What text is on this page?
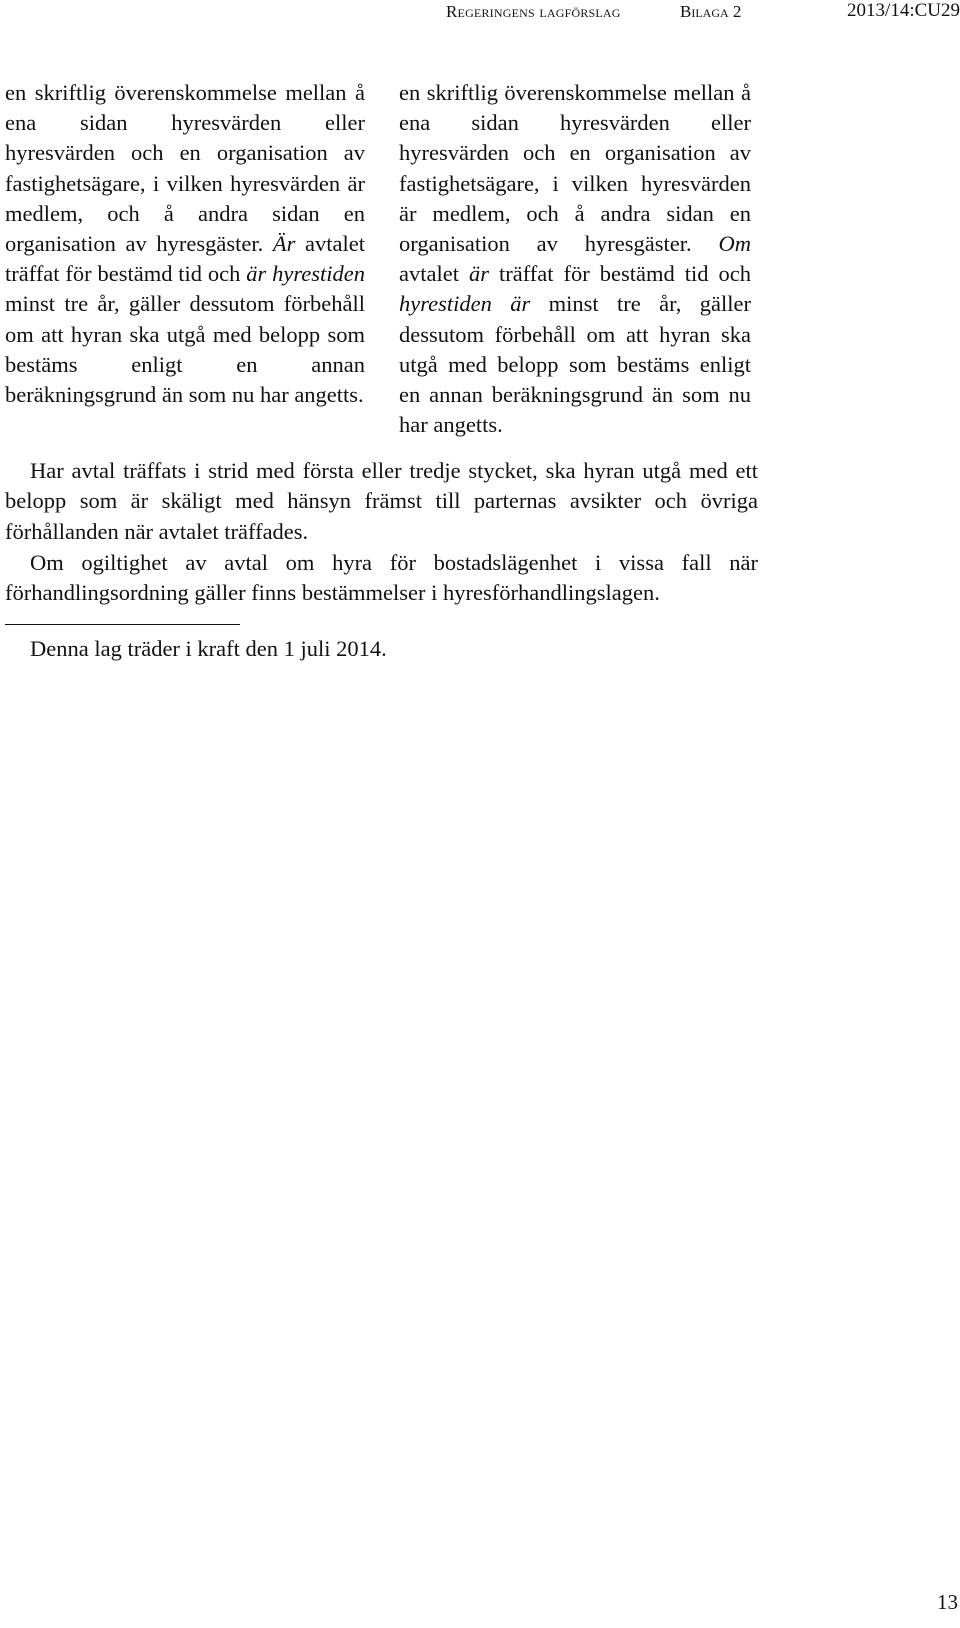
Regeringens lagförslag	Bilaga 2	2013/14:CU29

en skriftlig överenskommelse mellan å ena sidan hyresvärden eller hyresvärden och en organisation av fastighetsägare, i vilken hyresvärden är medlem, och å andra sidan en organisation av hyresgäster. Är avtalet träffat för bestämd tid och är hyrestiden minst tre år, gäller dessutom förbehåll om att hyran ska utgå med belopp som bestäms enligt en annan beräkningsgrund än som nu har angetts.

en skriftlig överenskommelse mellan å ena sidan hyresvärden eller hyresvärden och en organisation av fastighetsägare, i vilken hyresvärden är medlem, och å andra sidan en organisation av hyresgäster. Om avtalet är träffat för bestämd tid och hyrestiden är minst tre år, gäller dessutom förbehåll om att hyran ska utgå med belopp som bestäms enligt en annan beräkningsgrund än som nu har angetts.

Har avtal träffats i strid med första eller tredje stycket, ska hyran utgå med ett belopp som är skäligt med hänsyn främst till parternas avsikter och övriga förhållanden när avtalet träffades.

Om ogiltighet av avtal om hyra för bostadslägenhet i vissa fall när förhandlingsordning gäller finns bestämmelser i hyresförhandlingslagen.

Denna lag träder i kraft den 1 juli 2014.
13
